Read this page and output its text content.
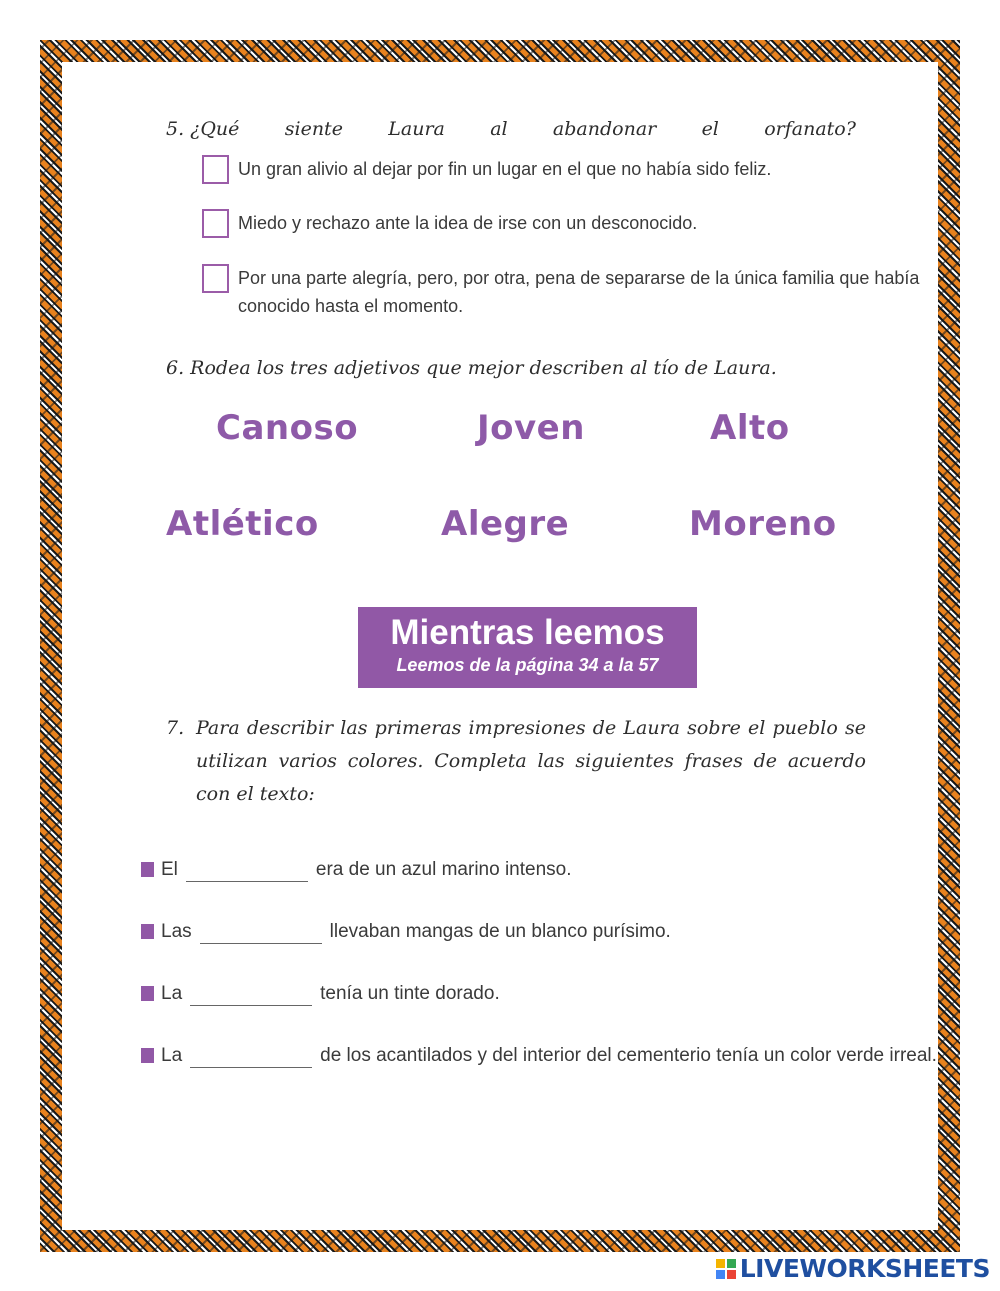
5. ¿Qué siente Laura al abandonar el orfanato?
Un gran alivio al dejar por fin un lugar en el que no había sido feliz.
Miedo y rechazo ante la idea de irse con un desconocido.
Por una parte alegría, pero, por otra, pena de separarse de la única familia que había conocido hasta el momento.
6. Rodea los tres adjetivos que mejor describen al tío de Laura.
Canoso	Joven	Alto
Atlético	Alegre	Moreno
Mientras leemos
Leemos de la página 34 a la 57
7. Para describir las primeras impresiones de Laura sobre el pueblo se utilizan varios colores. Completa las siguientes frases de acuerdo con el texto:
El	era de un azul marino intenso.
Las	llevaban mangas de un blanco purísimo.
La	tenía un tinte dorado.
La	de los acantilados y del interior del cementerio tenía un color verde irreal.
LIVEWORKSHEETS
